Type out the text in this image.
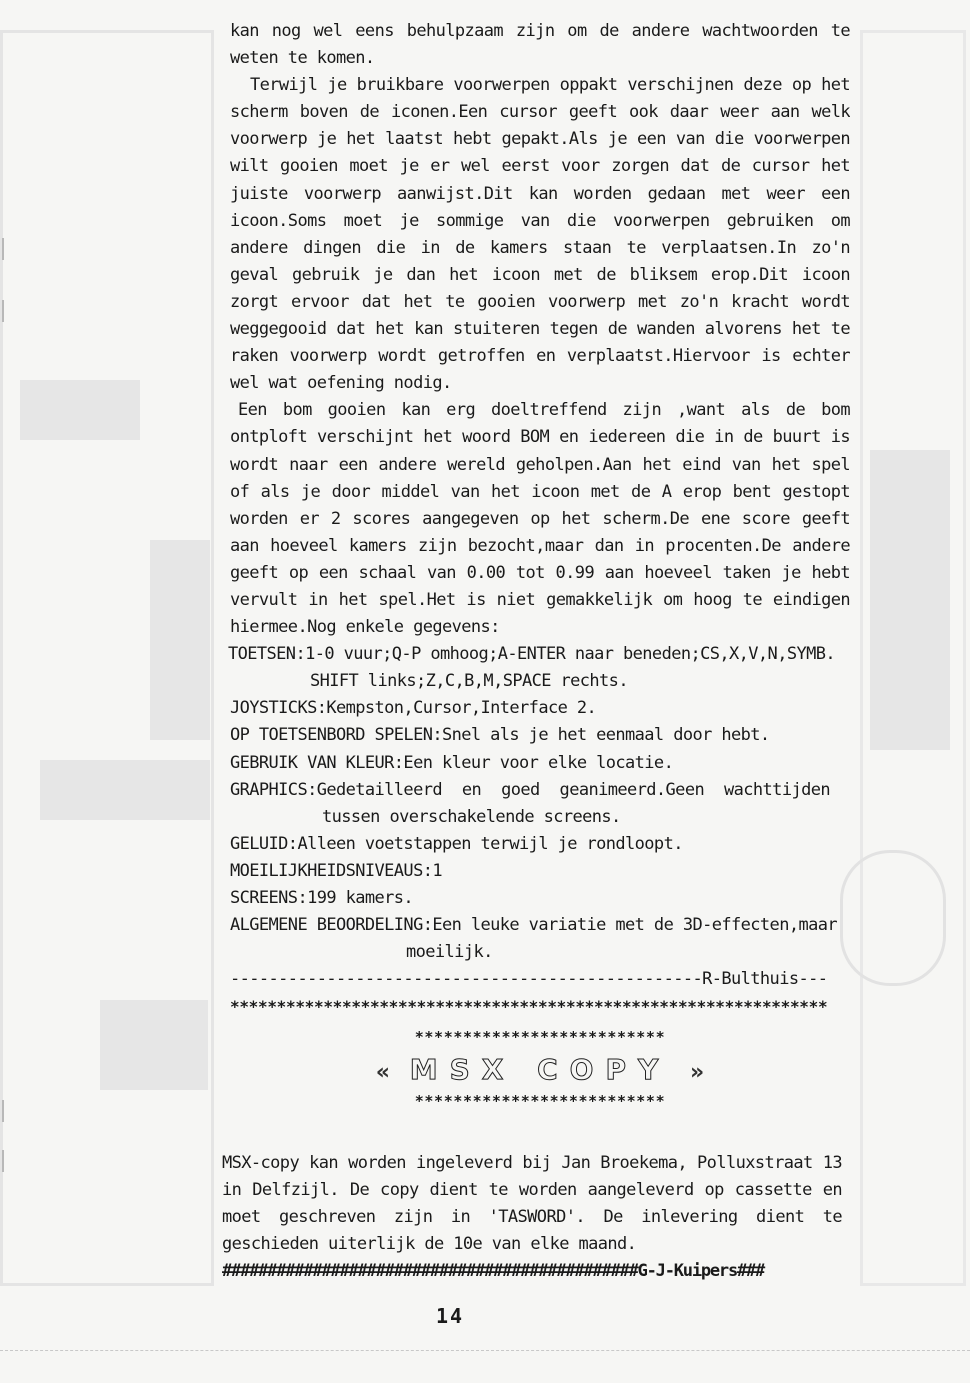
kan nog wel eens behulpzaam zijn om de andere wachtwoorden te
weten te komen.
Terwijl je bruikbare voorwerpen oppakt verschijnen deze op het
scherm boven de iconen.Een cursor geeft ook daar weer aan welk
voorwerp je het laatst hebt gepakt.Als je een van die voorwerpen
wilt gooien moet je er wel eerst voor zorgen dat de cursor het
juiste voorwerp aanwijst.Dit kan worden gedaan met weer een
icoon.Soms moet je sommige van die voorwerpen gebruiken om
andere dingen die in de kamers staan te verplaatsen.In zo'n
geval gebruik je dan het icoon met de bliksem erop.Dit icoon
zorgt ervoor dat het te gooien voorwerp met zo'n kracht wordt
weggegooid dat het kan stuiteren tegen de wanden alvorens het te
raken voorwerp wordt getroffen en verplaatst.Hiervoor is echter
wel wat oefening nodig.
Een bom gooien kan erg doeltreffend zijn ,want als de bom
ontploft verschijnt het woord BOM en iedereen die in de buurt is
wordt naar een andere wereld geholpen.Aan het eind van het spel
of als je door middel van het icoon met de A erop bent gestopt
worden er 2 scores aangegeven op het scherm.De ene score geeft
aan hoeveel kamers zijn bezocht,maar dan in procenten.De andere
geeft op een schaal van 0.00 tot 0.99 aan hoeveel taken je hebt
vervult in het spel.Het is niet gemakkelijk om hoog te eindigen
hiermee.Nog enkele gegevens:
TOETSEN:1-0 vuur;Q-P omhoog;A-ENTER naar beneden;CS,X,V,N,SYMB.
SHIFT links;Z,C,B,M,SPACE rechts.
JOYSTICKS:Kempston,Cursor,Interface 2.
OP TOETSENBORD SPELEN:Snel als je het eenmaal door hebt.
GEBRUIK VAN KLEUR:Een kleur voor elke locatie.
GRAPHICS:Gedetailleerd en goed geanimeerd.Geen wachttijden
tussen overschakelende screens.
GELUID:Alleen voetstappen terwijl je rondloopt.
MOEILIJKHEIDSNIVEAUS:1
SCREENS:199 kamers.
ALGEMENE BEOORDELING:Een leuke variatie met de 3D-effecten,maar
moeilijk.
-------------------------------------------------R-Bulthuis---
****************************************************************
**************************
« MSX COPY »
**************************
MSX-copy kan worden ingeleverd bij Jan Broekema, Polluxstraat 13
in Delfzijl. De copy dient te worden aangeleverd op cassette en
moet geschreven zijn in 'TASWORD'. De inlevering dient te
geschieden uiterlijk de 10e van elke maand.
##############################################G-J-Kuipers###
14
